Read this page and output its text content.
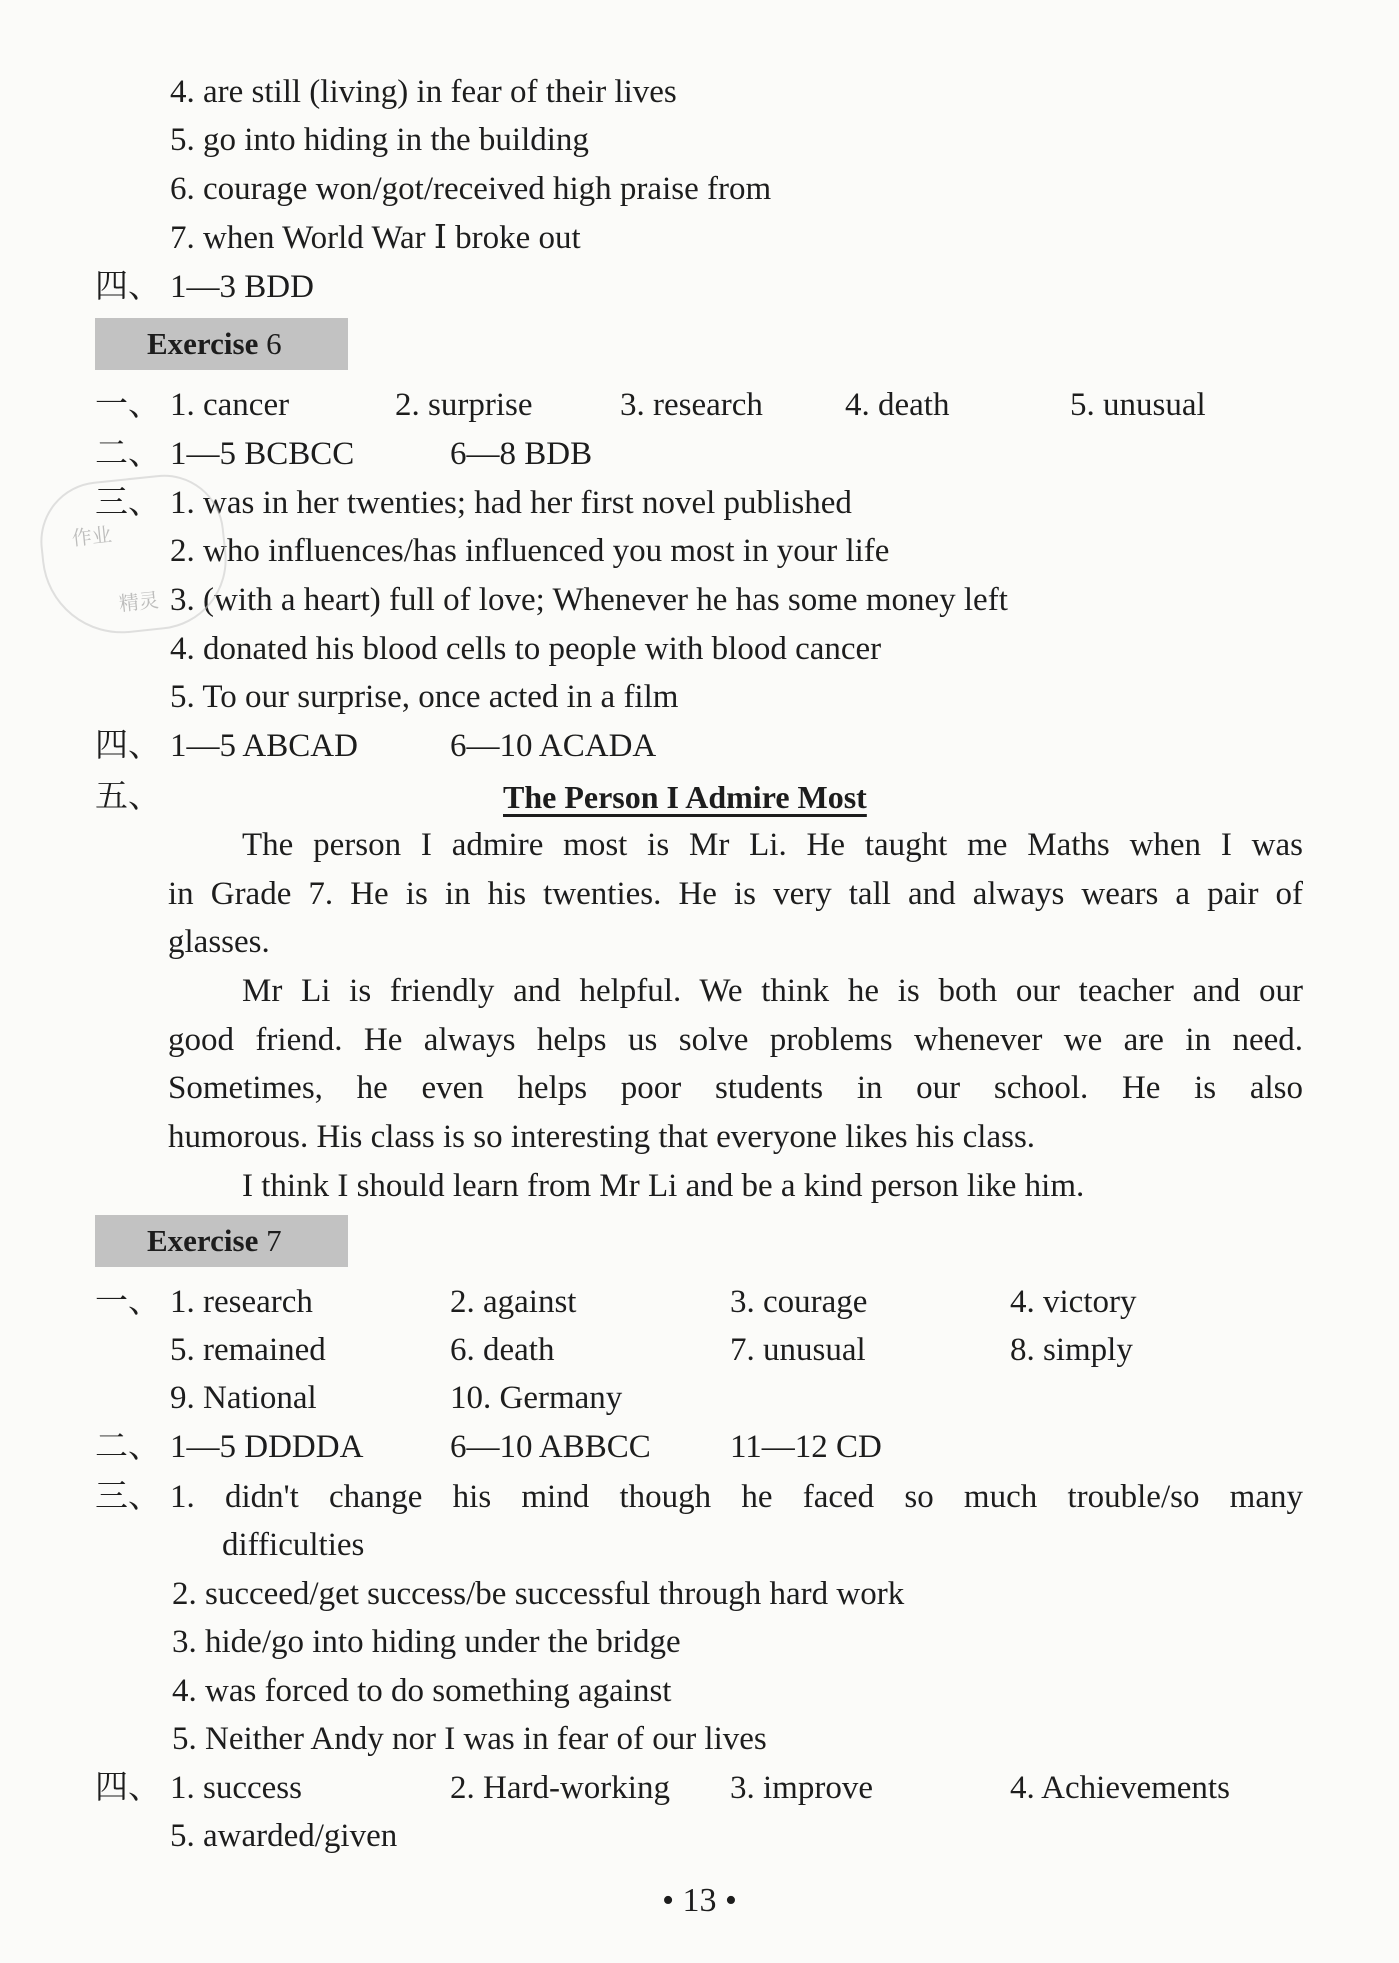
4. are still (living) in fear of their lives
5. go into hiding in the building
6. courage won/got/received high praise from
7. when World War Ⅰ broke out
四、 1—3 BDD
Exercise 6
一、 1. cancer	2. surprise	3. research 4. death	5. unusual
二、 1—5 BCBCC	6—8 BDB
三、 1. was in her twenties; had her first novel published
2. who influences/has influenced you most in your life
3. (with a heart) full of love; Whenever he has some money left
4. donated his blood cells to people with blood cancer
5. To our surprise, once acted in a film
作业
精灵
四、 1—5 ABCAD	6—10 ACADA
五、	The Person I Admire Most
The person I admire most is Mr Li. He taught me Maths when I was
in Grade 7. He is in his twenties. He is very tall and always wears a pair of
glasses.
Mr Li is friendly and helpful. We think he is both our teacher and our
good friend. He always helps us solve problems whenever we are in need.
Sometimes, he even helps poor students in our school. He is also
humorous. His class is so interesting that everyone likes his class.
I think I should learn from Mr Li and be a kind person like him.
Exercise 7
一、 1. research	2. against	3. courage	4. victory
5. remained	6. death	7. unusual	8. simply
9. National	10. Germany
二、 1—5 DDDDA	6—10 ABBCC 11—12 CD
三、 1. didn't change his mind though he faced so much trouble/so many
difficulties
2. succeed/get success/be successful through hard work
3. hide/go into hiding under the bridge
4. was forced to do something against
5. Neither Andy nor I was in fear of our lives
四、 1. success	2. Hard-working 3. improve	4. Achievements
5. awarded/given
• 13 •
